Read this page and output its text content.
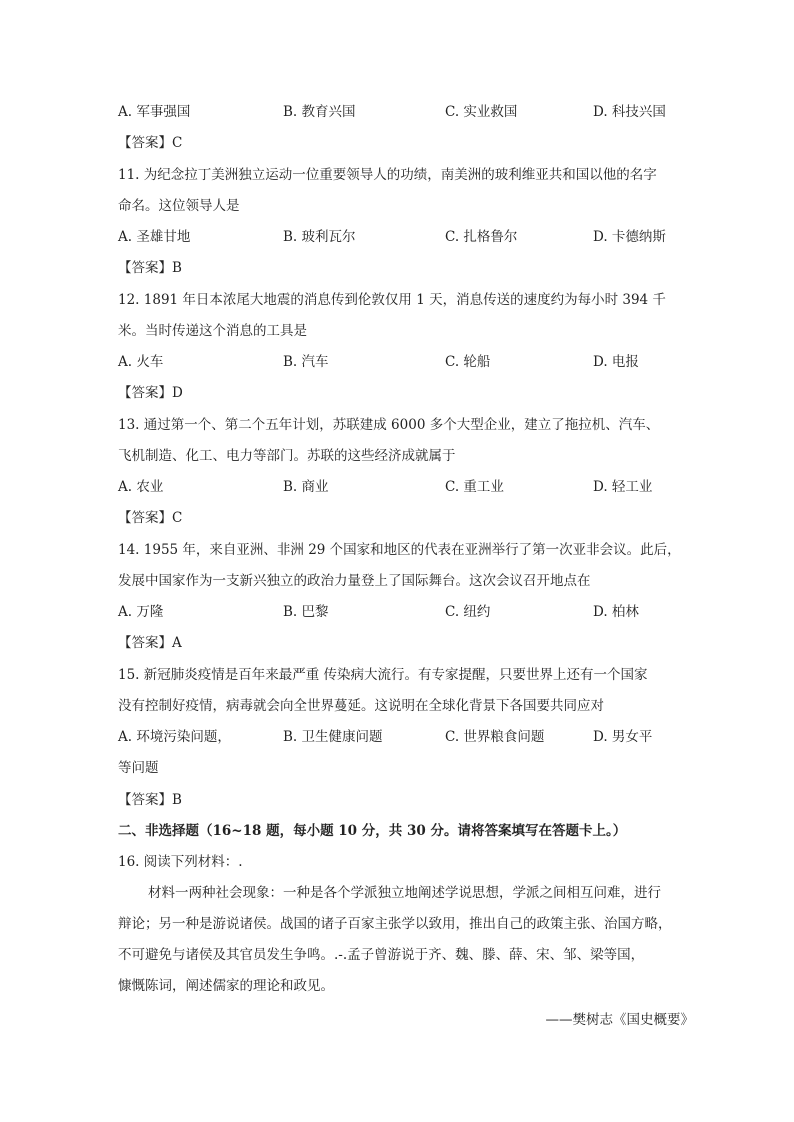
A. 军事强国	B. 教育兴国	C. 实业救国	D. 科技兴国
【答案】C
11. 为纪念拉丁美洲独立运动一位重要领导人的功绩，南美洲的玻利维亚共和国以他的名字
命名。这位领导人是
A. 圣雄甘地	B. 玻利瓦尔	C. 扎格鲁尔	D. 卡德纳斯
【答案】B
12. 1891 年日本浓尾大地震的消息传到伦敦仅用 1 天，消息传送的速度约为每小时 394 千
米。当时传递这个消息的工具是
A. 火车	B. 汽车	C. 轮船	D. 电报
【答案】D
13. 通过第一个、第二个五年计划，苏联建成 6000 多个大型企业，建立了拖拉机、汽车、
飞机制造、化工、电力等部门。苏联的这些经济成就属于
A. 农业	B. 商业	C. 重工业	D. 轻工业
【答案】C
14. 1955 年，来自亚洲、非洲 29 个国家和地区的代表在亚洲举行了第一次亚非会议。此后，
发展中国家作为一支新兴独立的政治力量登上了国际舞台。这次会议召开地点在
A. 万隆	B. 巴黎	C. 纽约	D. 柏林
【答案】A
15. 新冠肺炎疫情是百年来最严重 传染病大流行。有专家提醒，只要世界上还有一个国家
没有控制好疫情，病毒就会向全世界蔓延。这说明在全球化背景下各国要共同应对
A. 环境污染问题，	B. 卫生健康问题	C. 世界粮食问题	D. 男女平
等问题
【答案】B
二、非选择题（16~18 题，每小题 10 分，共 30 分。请将答案填写在答题卡上。）
16. 阅读下列材料：.
材料一两种社会现象：一种是各个学派独立地阐述学说思想，学派之间相互问难，进行
辩论；另一种是游说诸侯。战国的诸子百家主张学以致用，推出自己的政策主张、治国方略，
不可避免与诸侯及其官员发生争鸣。.-.孟子曾游说于齐、魏、滕、薛、宋、邹、梁等国，
慷慨陈词，阐述儒家的理论和政见。
——樊树志《国史概要》
